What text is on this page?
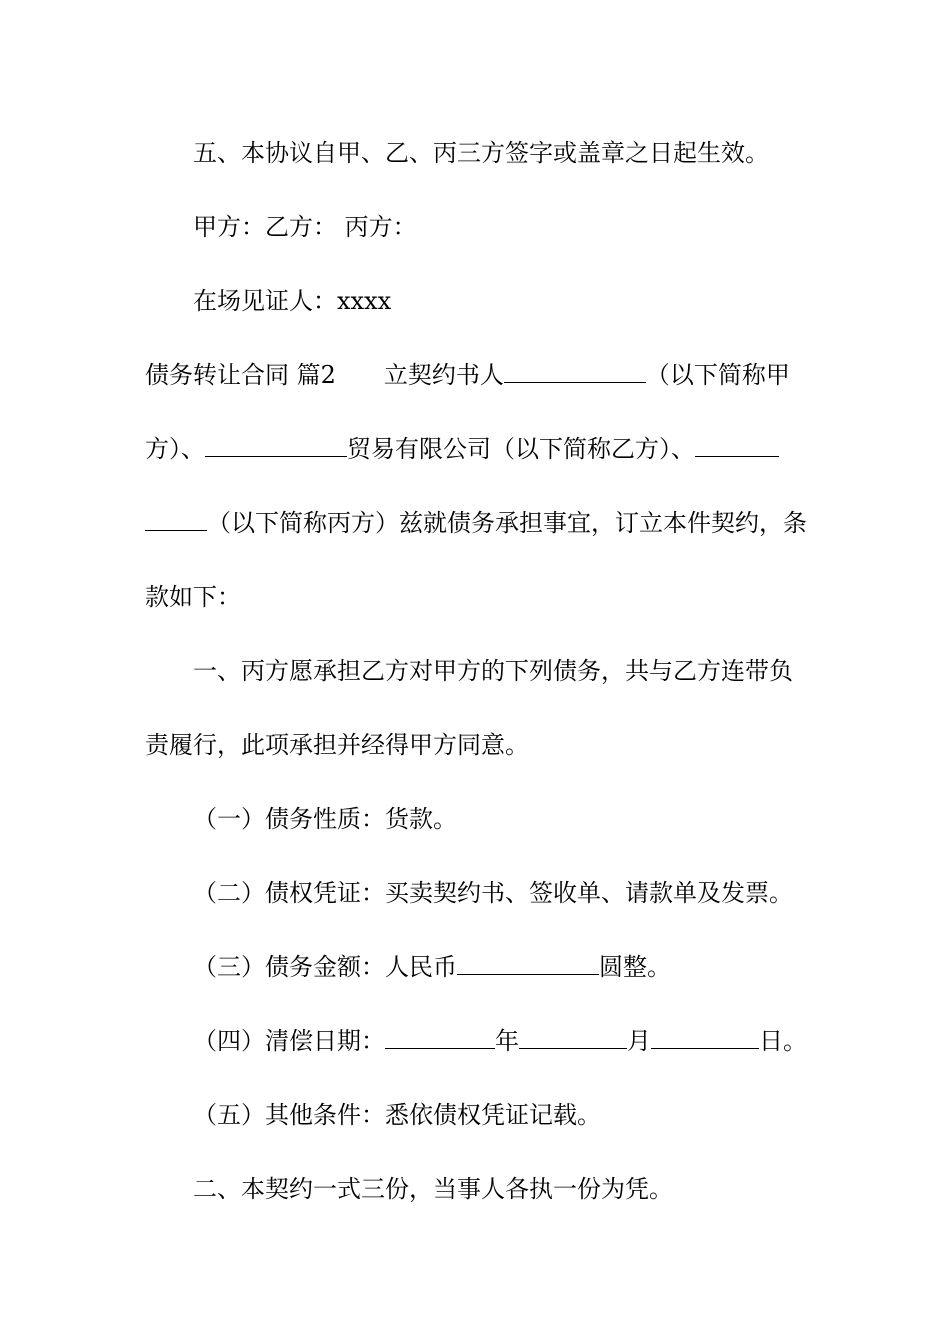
五、本协议自甲、乙、丙三方签字或盖章之日起生效。
甲方：乙方： 丙方：
在场见证人：xxxx
债务转让合同 篇2 立契约书人	（以下简称甲
方）、	贸易有限公司（以下简称乙方）、
（以下简称丙方）兹就债务承担事宜，订立本件契约，条
款如下：
一、丙方愿承担乙方对甲方的下列债务，共与乙方连带负
责履行，此项承担并经得甲方同意。
（一）债务性质：货款。
（二）债权凭证：买卖契约书、签收单、请款单及发票。
（三）债务金额：人民币	圆整。
（四）清偿日期：	年	月	日。
（五）其他条件：悉依债权凭证记载。
二、本契约一式三份，当事人各执一份为凭。
